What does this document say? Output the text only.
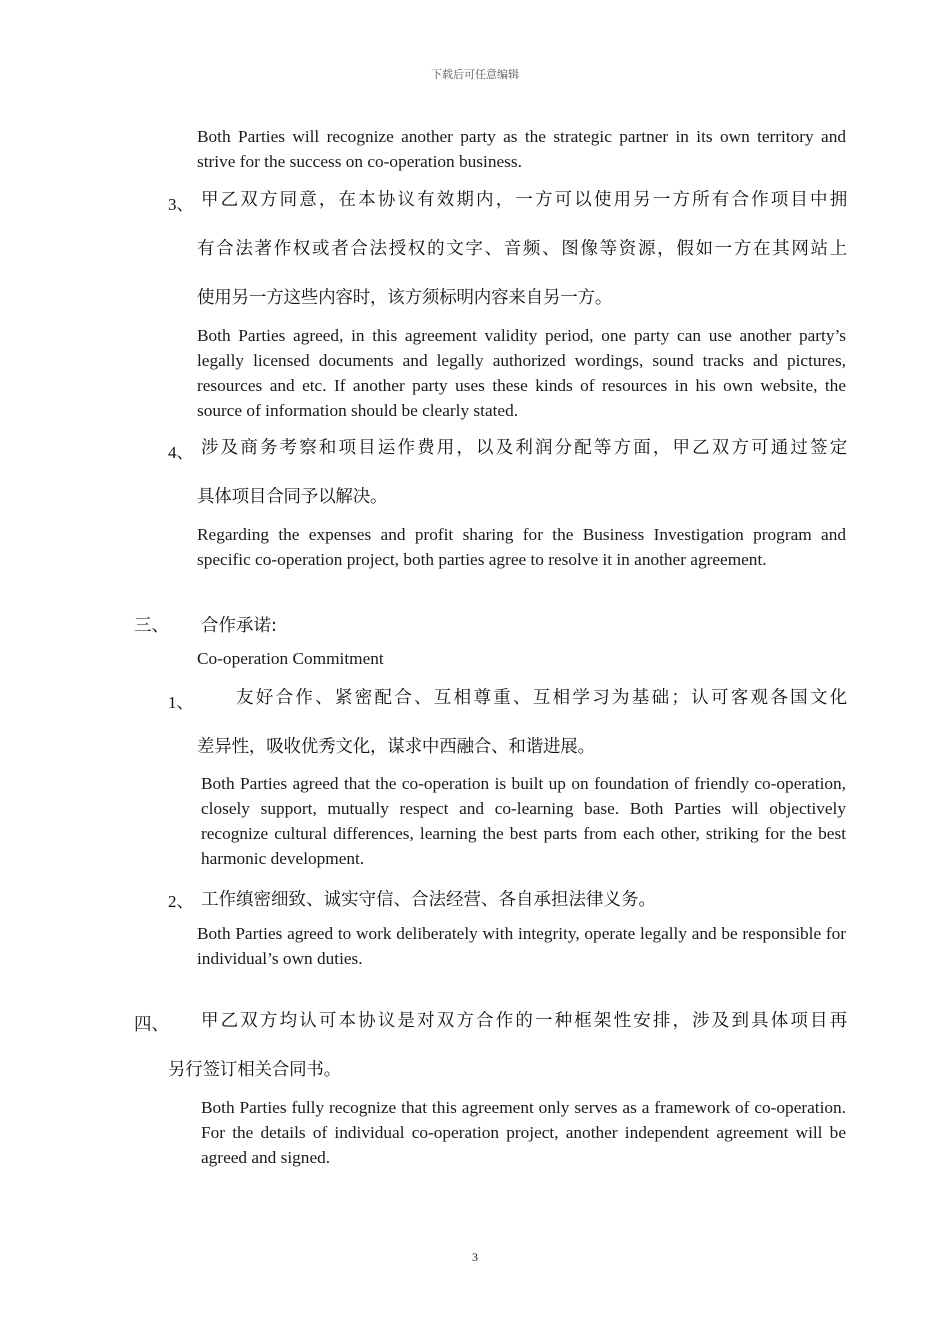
下载后可任意编辑
Both Parties will recognize another party as the strategic partner in its own territory and strive for the success on co-operation business.
3、 甲乙双方同意，在本协议有效期内，一方可以使用另一方所有合作项目中拥
有合法著作权或者合法授权的文字、音频、图像等资源，假如一方在其网站上
使用另一方这些内容时，该方须标明内容来自另一方。
Both Parties agreed, in this agreement validity period, one party can use another party’s legally licensed documents and legally authorized wordings, sound tracks and pictures, resources and etc. If another party uses these kinds of resources in his own website, the source of information should be clearly stated.
4、 涉及商务考察和项目运作费用，以及利润分配等方面，甲乙双方可通过签定
具体项目合同予以解决。
Regarding the expenses and profit sharing for the Business Investigation program and specific co-operation project, both parties agree to resolve it in another agreement.
三、 合作承诺:
Co-operation Commitment
1、 友好合作、紧密配合、互相尊重、互相学习为基础；认可客观各国文化
差异性，吸收优秀文化，谋求中西融合、和谐进展。
Both Parties agreed that the co-operation is built up on foundation of friendly co-operation, closely support, mutually respect and co-learning base. Both Parties will objectively recognize cultural differences, learning the best parts from each other, striking for the best harmonic development.
2、 工作缜密细致、诚实守信、合法经营、各自承担法律义务。
Both Parties agreed to work deliberately with integrity, operate legally and be responsible for individual’s own duties.
四、 甲乙双方均认可本协议是对双方合作的一种框架性安排，涉及到具体项目再
另行签订相关合同书。
Both Parties fully recognize that this agreement only serves as a framework of co-operation. For the details of individual co-operation project, another independent agreement will be agreed and signed.
3
